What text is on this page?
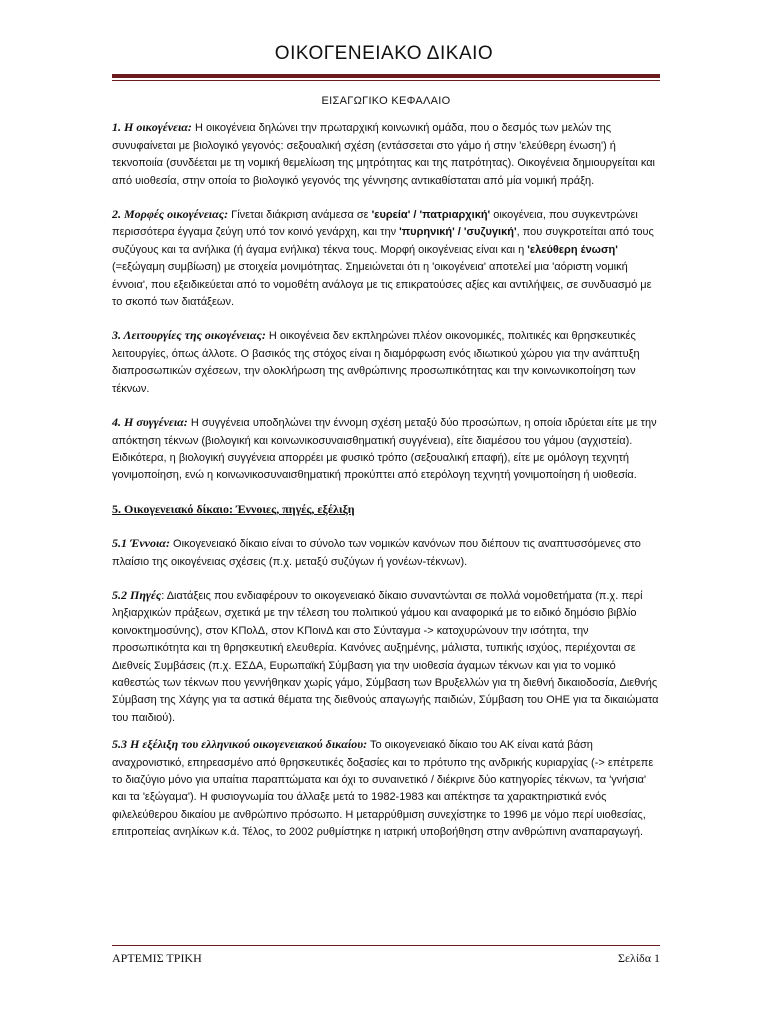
ΟΙΚΟΓΕΝΕΙΑΚΟ ΔΙΚΑΙΟ
ΕΙΣΑΓΩΓΙΚΟ ΚΕΦΑΛΑΙΟ

1. Η οικογένεια: Η οικογένεια δηλώνει την πρωταρχική κοινωνική ομάδα, που ο δεσμός των μελών της συνυφαίνεται με βιολογικό γεγονός: σεξουαλική σχέση (εντάσσεται στο γάμο ή στην 'ελεύθερη ένωση') ή τεκνοποιία (συνδέεται με τη νομική θεμελίωση της μητρότητας και της πατρότητας). Οικογένεια δημιουργείται και από υιοθεσία, στην οποία το βιολογικό γεγονός της γέννησης αντικαθίσταται από μία νομική πράξη.

2. Μορφές οικογένειας: Γίνεται διάκριση ανάμεσα σε 'ευρεία' / 'πατριαρχική' οικογένεια, που συγκεντρώνει περισσότερα έγγαμα ζεύγη υπό τον κοινό γενάρχη, και την 'πυρηνική' / 'συζυγική', που συγκροτείται από τους συζύγους και τα ανήλικα (ή άγαμα ενήλικα) τέκνα τους. Μορφή οικογένειας είναι και η 'ελεύθερη ένωση' (=εξώγαμη συμβίωση) με στοιχεία μονιμότητας. Σημειώνεται ότι η 'οικογένεια' αποτελεί μια 'αόριστη νομική έννοια', που εξειδικεύεται από το νομοθέτη ανάλογα με τις επικρατούσες αξίες και αντιλήψεις, σε συνδυασμό με το σκοπό των διατάξεων.

3. Λειτουργίες της οικογένειας: Η οικογένεια δεν εκπληρώνει πλέον οικονομικές, πολιτικές και θρησκευτικές λειτουργίες, όπως άλλοτε. Ο βασικός της στόχος είναι η διαμόρφωση ενός ιδιωτικού χώρου για την ανάπτυξη διαπροσωπικών σχέσεων, την ολοκλήρωση της ανθρώπινης προσωπικότητας και την κοινωνικοποίηση των τέκνων.

4. Η συγγένεια: Η συγγένεια υποδηλώνει την έννομη σχέση μεταξύ δύο προσώπων, η οποία ιδρύεται είτε με την απόκτηση τέκνων (βιολογική και κοινωνικοσυναισθηματική συγγένεια), είτε διαμέσου του γάμου (αγχιστεία). Ειδικότερα, η βιολογική συγγένεια απορρέει με φυσικό τρόπο (σεξουαλική επαφή), είτε με ομόλογη τεχνητή γονιμοποίηση, ενώ η κοινωνικοσυναισθηματική προκύπτει από ετερόλογη τεχνητή γονιμοποίηση ή υιοθεσία.

5. Οικογενειακό δίκαιο: Έννοιες, πηγές, εξέλιξη

5.1 Έννοια: Οικογενειακό δίκαιο είναι το σύνολο των νομικών κανόνων που διέπουν τις αναπτυσσόμενες στο πλαίσιο της οικογένειας σχέσεις (π.χ. μεταξύ συζύγων ή γονέων-τέκνων).

5.2 Πηγές: Διατάξεις που ενδιαφέρουν το οικογενειακό δίκαιο συναντώνται σε πολλά νομοθετήματα (π.χ. περί ληξιαρχικών πράξεων, σχετικά με την τέλεση του πολιτικού γάμου και αναφορικά με το ειδικό δημόσιο βιβλίο κοινοκτημοσύνης), στον ΚΠολΔ, στον ΚΠοινΔ και στο Σύνταγμα -> κατοχυρώνουν την ισότητα, την προσωπικότητα και τη θρησκευτική ελευθερία. Κανόνες αυξημένης, μάλιστα, τυπικής ισχύος, περιέχονται σε Διεθνείς Συμβάσεις (π.χ. ΕΣΔΑ, Ευρωπαϊκή Σύμβαση για την υιοθεσία άγαμων τέκνων και για το νομικό καθεστώς των τέκνων που γεννήθηκαν χωρίς γάμο, Σύμβαση των Βρυξελλών για τη διεθνή δικαιοδοσία, Διεθνής Σύμβαση της Χάγης για τα αστικά θέματα της διεθνούς απαγωγής παιδιών, Σύμβαση του ΟΗΕ για τα δικαιώματα του παιδιού).

5.3 Η εξέλιξη του ελληνικού οικογενειακού δικαίου: Το οικογενειακό δίκαιο του ΑΚ είναι κατά βάση αναχρονιστικό, επηρεασμένο από θρησκευτικές δοξασίες και το πρότυπο της ανδρικής κυριαρχίας (-> επέτρεπε το διαζύγιο μόνο για υπαίτια παραπτώματα και όχι το συναινετικό / διέκρινε δύο κατηγορίες τέκνων, τα 'γνήσια' και τα 'εξώγαμα'). Η φυσιογνωμία του άλλαξε μετά το 1982-1983 και απέκτησε τα χαρακτηριστικά ενός φιλελεύθερου δικαίου με ανθρώπινο πρόσωπο. Η μεταρρύθμιση συνεχίστηκε το 1996 με νόμο περί υιοθεσίας, επιτροπείας ανηλίκων κ.ά. Τέλος, το 2002 ρυθμίστηκε η ιατρική υποβοήθηση στην ανθρώπινη αναπαραγωγή.

ΑΡΤΕΜΙΣ ΤΡΙΚΗ	Σελίδα 1
